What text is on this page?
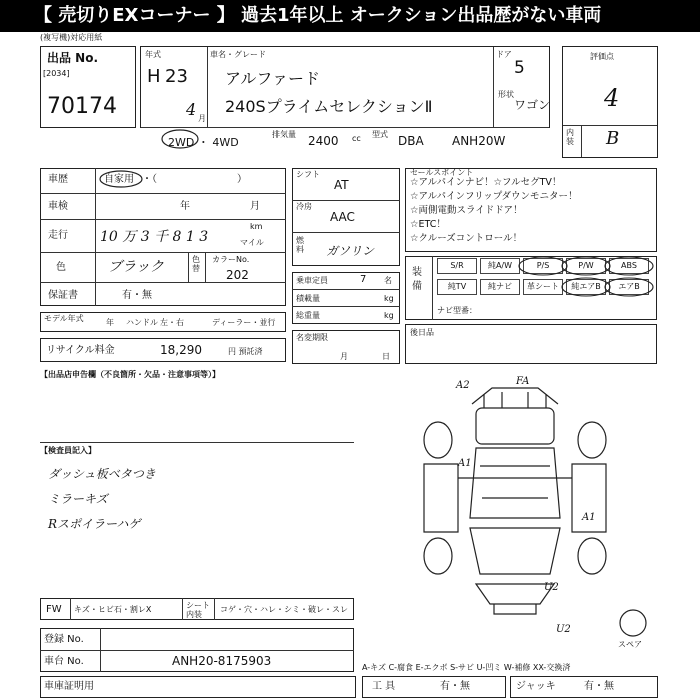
【 売切りEXコーナー 】 過去1年以上 オークション出品歴がない車両
(複写機)対応用紙
出品 No.
[2034]
70174
年式
H 23
4 月
車名・グレード
アルファード
240SプライムセレクションⅡ
ドア
5
形状
ワゴン
2WD ・ 4WD
排気量	2400 cc 型式 DBA ANH20W
評価点
4
内装 B
車歴	自家用 ・（　　　　　　　　）
車検	年	月
走行 10 万 3 千 8 1 3
km
マイル
色	ブラック	色替
カラーNo.
202
保証書	有・無
モデル年式	年 ハンドル 左・右	ディーラー・並行
リサイクル料金	18,290	円 預託済
シフト
AT
冷房
AAC
燃料 ガソリン
乗車定員	7 名
積載量	kg
総重量	kg
名変期限
月	日
セールスポイント
☆アルパインナビ！☆フルセグTV！
☆アルパインフリップダウンモニター！
☆両側電動スライドドア！
☆ETC！
☆クルーズコントロール！
装備
S/R	純A/W	P/S	P/W	ABS
純TV	純ナビ	革シート	純エアB	エアB
ナビ型番：
後日品
【出品店申告欄（不良箇所・欠品・注意事項等）】
【検査員記入】
ダッシュ板ベタつき
ミラーキズ
Rスポイラーハゲ
A2	FA
A1
A1
U2
U2
スペア
FW キズ・ヒビ石・割レX	シート内装
コゲ・穴・ハレ・シミ・破レ・スレ
登録 No.
車台 No.	ANH20-8175903	A-キズ C-腐食 E-エクボ S-サビ U-凹ミ W-補修 XX-交換済
車庫証明用	工 具	有・無	ジャッキ	有・無
